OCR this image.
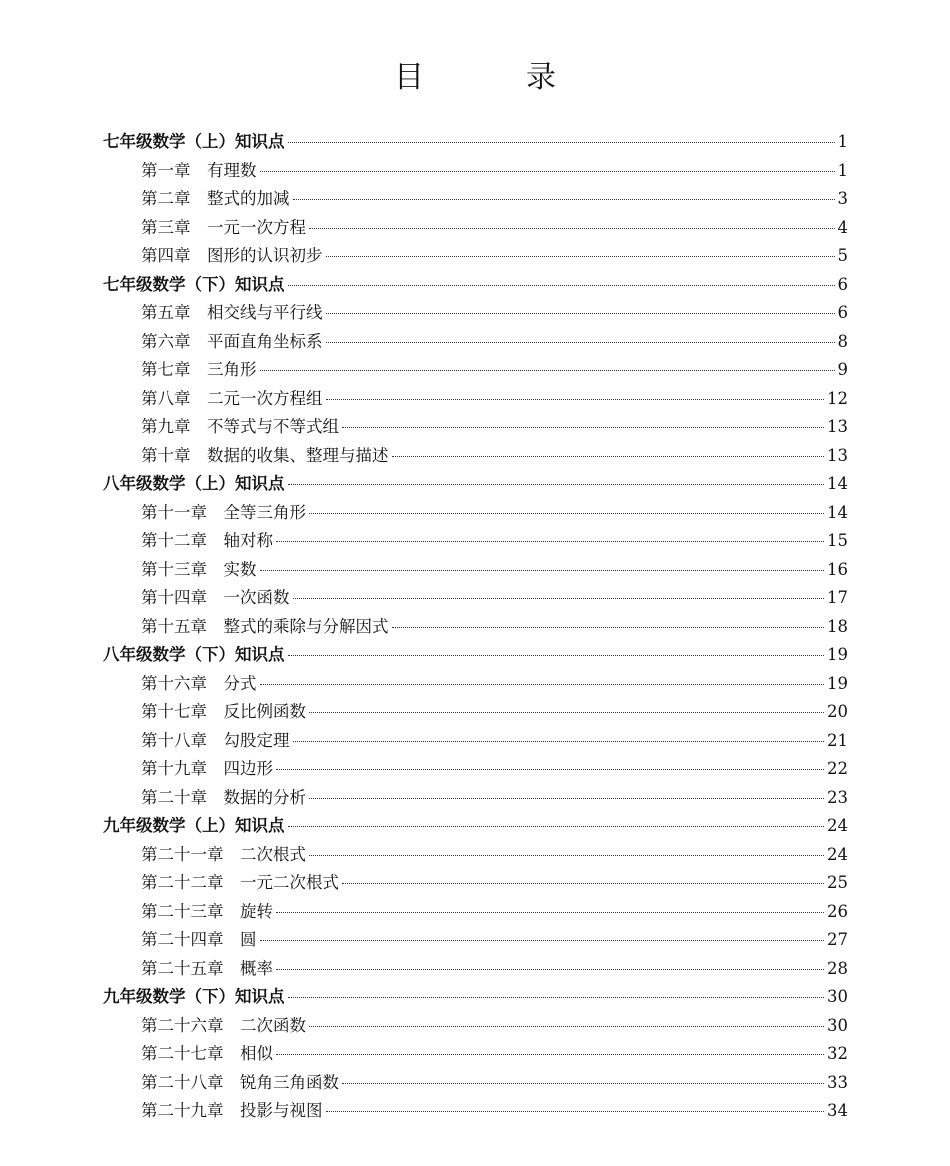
目　录
七年级数学（上）知识点	1
第一章　 有理数	1
第二章　 整式的加减	3
第三章　 一元一次方程	4
第四章　 图形的认识初步	5
七年级数学（下）知识点	6
第五章　 相交线与平行线	6
第六章　 平面直角坐标系	8
第七章　 三角形	9
第八章　 二元一次方程组	12
第九章　 不等式与不等式组	13
第十章　 数据的收集、整理与描述	13
八年级数学（上）知识点	14
第十一章　 全等三角形	14
第十二章　 轴对称	15
第十三章　 实数	16
第十四章　 一次函数	17
第十五章　 整式的乘除与分解因式	18
八年级数学（下）知识点	19
第十六章　 分式	19
第十七章　 反比例函数	20
第十八章　 勾股定理	21
第十九章　 四边形	22
第二十章　 数据的分析	23
九年级数学（上）知识点	24
第二十一章　 二次根式	24
第二十二章　 一元二次根式	25
第二十三章　 旋转	26
第二十四章　 圆	27
第二十五章　 概率	28
九年级数学（下）知识点	30
第二十六章　 二次函数	30
第二十七章　 相似	32
第二十八章　 锐角三角函数	33
第二十九章　 投影与视图	34
